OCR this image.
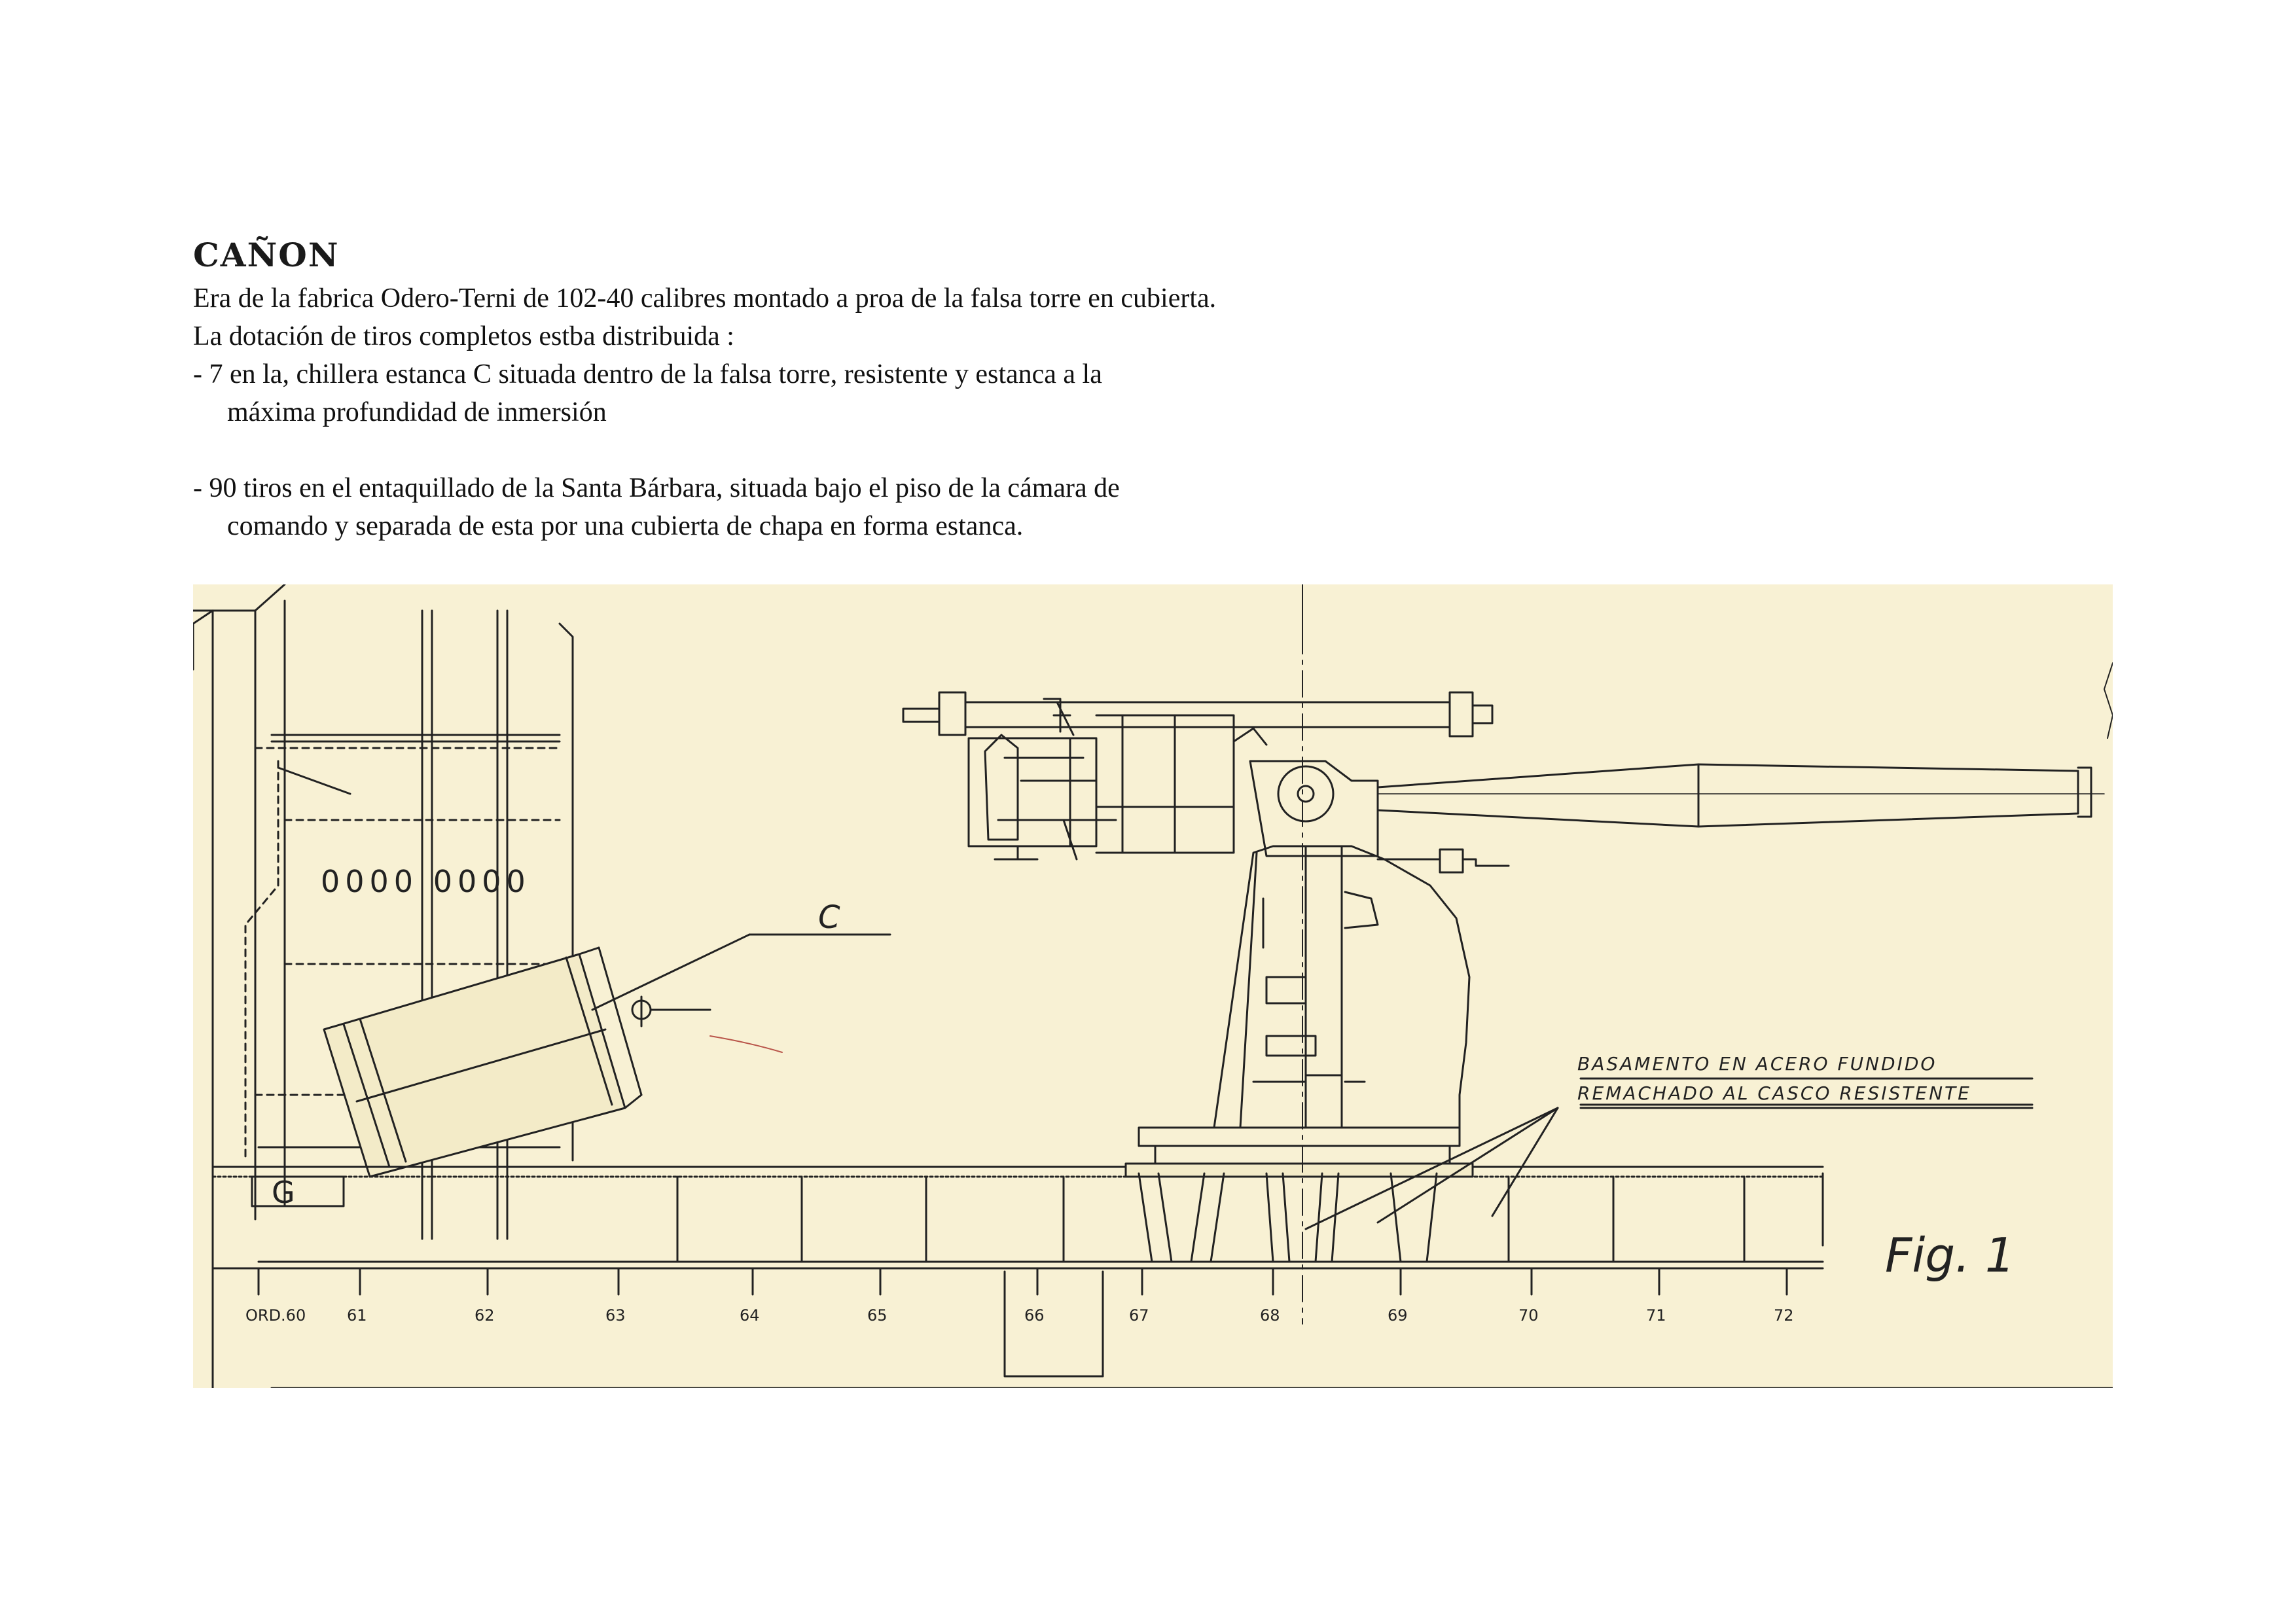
CAÑON

Era de la fabrica Odero-Terni de 102-40 calibres montado a proa de la falsa torre en cubierta.

La dotación de tiros completos estba distribuida :

- 7 en la, chillera estanca C situada dentro de la falsa torre, resistente y estanca a la

máxima profundidad de inmersión

- 90 tiros en el entaquillado de la Santa Bárbara, situada bajo el piso de la cámara de

comando y separada de esta por una cubierta de chapa en forma estanca.

0000 0000
C
G
BASAMENTO EN ACERO FUNDIDO
REMACHADO AL CASCO RESISTENTE
Fig. 1
ORD.60	61	62	63	64	65	66	67	68	69	70	71	72
